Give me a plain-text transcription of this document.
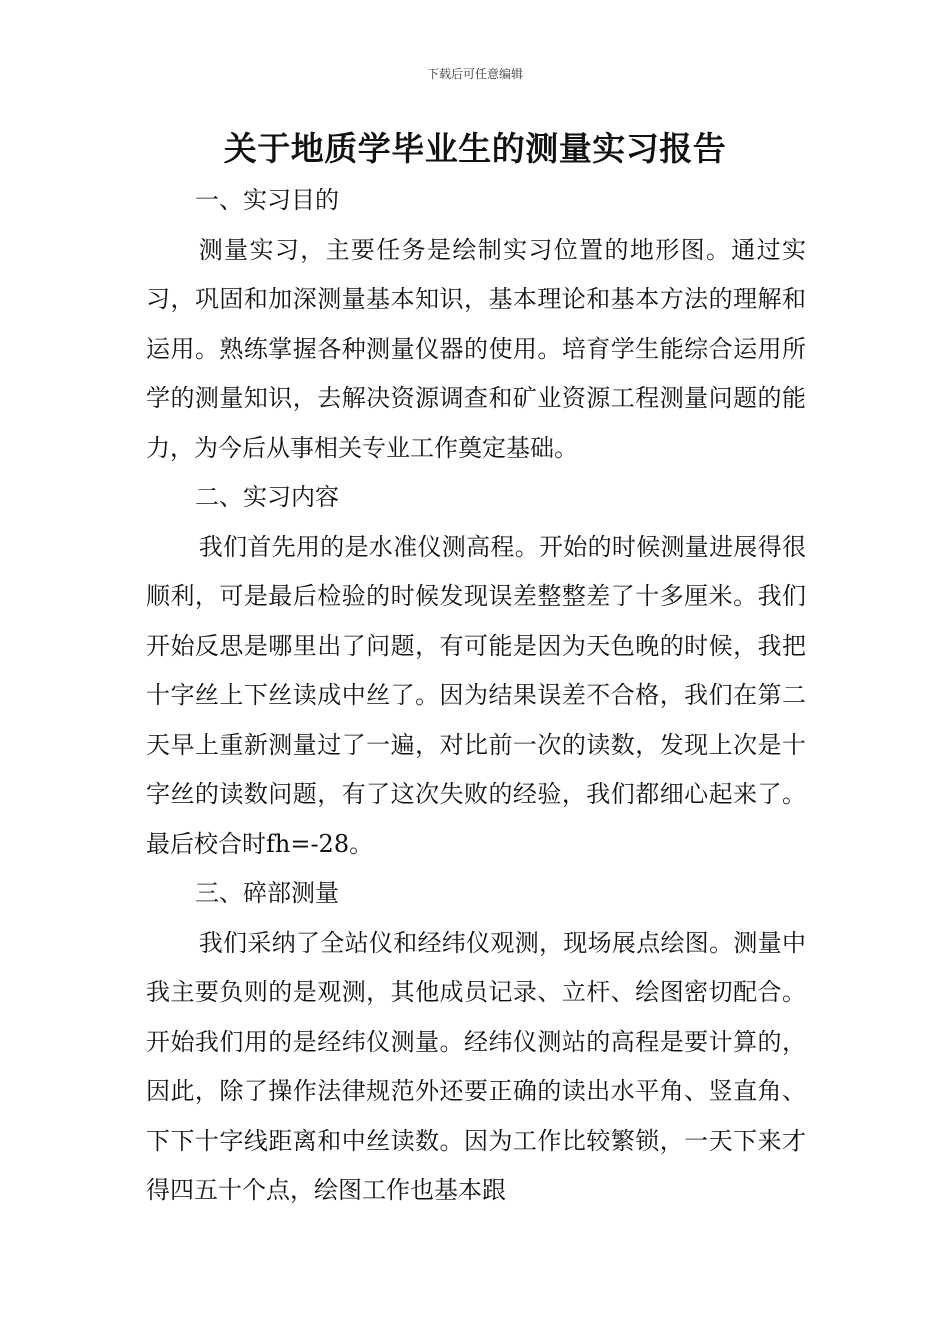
下载后可任意编辑
关于地质学毕业生的测量实习报告
一、实习目的

测量实习，主要任务是绘制实习位置的地形图。通过实习，巩固和加深测量基本知识，基本理论和基本方法的理解和运用。熟练掌握各种测量仪器的使用。培育学生能综合运用所学的测量知识，去解决资源调查和矿业资源工程测量问题的能力，为今后从事相关专业工作奠定基础。

二、实习内容

我们首先用的是水准仪测高程。开始的时候测量进展得很顺利，可是最后检验的时候发现误差整整差了十多厘米。我们开始反思是哪里出了问题，有可能是因为天色晚的时候，我把十字丝上下丝读成中丝了。因为结果误差不合格，我们在第二天早上重新测量过了一遍，对比前一次的读数，发现上次是十字丝的读数问题，有了这次失败的经验，我们都细心起来了。最后校合时fh=-28。

三、碎部测量

我们采纳了全站仪和经纬仪观测，现场展点绘图。测量中我主要负则的是观测，其他成员记录、立杆、绘图密切配合。开始我们用的是经纬仪测量。经纬仪测站的高程是要计算的，因此，除了操作法律规范外还要正确的读出水平角、竖直角、下下十字线距离和中丝读数。因为工作比较繁锁，一天下来才得四五十个点，绘图工作也基本跟
